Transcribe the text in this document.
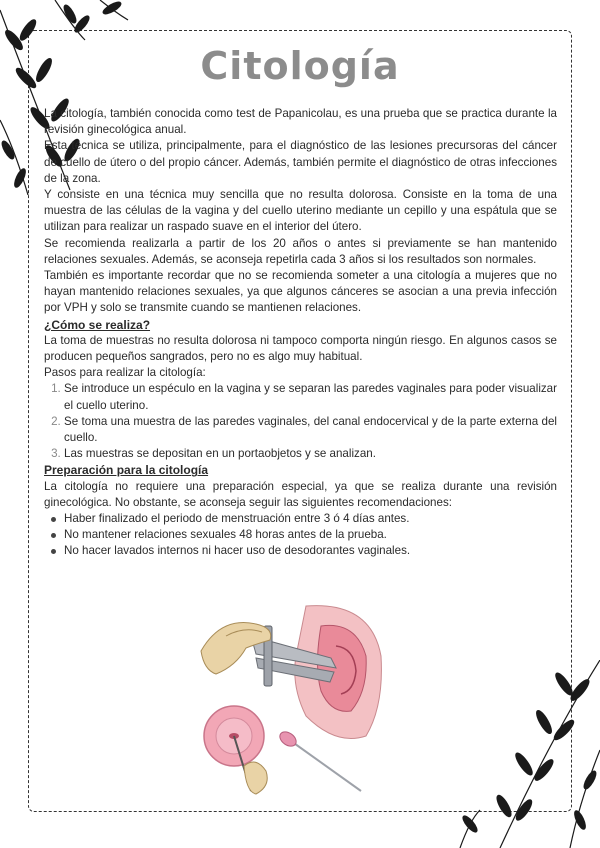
Citología

La citología, también conocida como test de Papanicolau, es una prueba que se practica durante la revisión ginecológica anual.

Esta técnica se utiliza, principalmente, para el diagnóstico de las lesiones precursoras del cáncer de cuello de útero o del propio cáncer. Además, también permite el diagnóstico de otras infecciones de la zona.

Y consiste en una técnica muy sencilla que no resulta dolorosa. Consiste en la toma de una muestra de las células de la vagina y del cuello uterino mediante un cepillo y una espátula que se utilizan para realizar un raspado suave en el interior del útero.

Se recomienda realizarla a partir de los 20 años o antes si previamente se han mantenido relaciones sexuales. Además, se aconseja repetirla cada 3 años si los resultados son normales.

También es importante recordar que no se recomienda someter a una citología a mujeres que no hayan mantenido relaciones sexuales, ya que algunos cánceres se asocian a una previa infección por VPH y solo se transmite cuando se mantienen relaciones.

¿Cómo se realiza?

La toma de muestras no resulta dolorosa ni tampoco comporta ningún riesgo. En algunos casos se producen pequeños sangrados, pero no es algo muy habitual.

Pasos para realizar la citología:

1. Se introduce un espéculo en la vagina y se separan las paredes vaginales para poder visualizar el cuello uterino.
2. Se toma una muestra de las paredes vaginales, del canal endocervical y de la parte externa del cuello.
3. Las muestras se depositan en un portaobjetos y se analizan.
Preparación para la citología

La citología no requiere una preparación especial, ya que se realiza durante una revisión ginecológica. No obstante, se aconseja seguir las siguientes recomendaciones:

Haber finalizado el periodo de menstruación entre 3 ó 4 días antes.
No mantener relaciones sexuales 48 horas antes de la prueba.
No hacer lavados internos ni hacer uso de desodorantes vaginales.
